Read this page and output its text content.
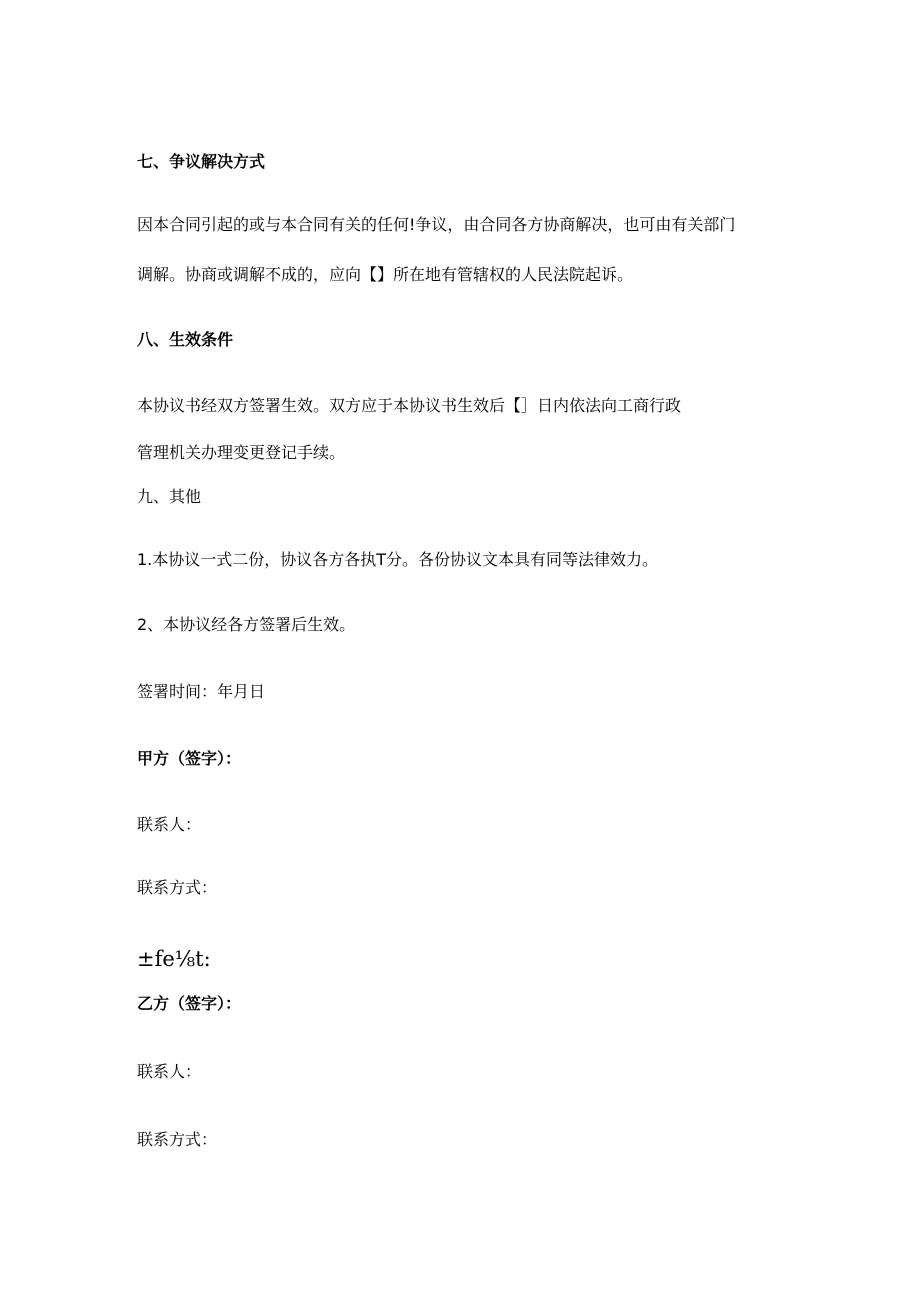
七、争议解决方式
因本合同引起的或与本合同有关的任何!争议，由合同各方协商解决，也可由有关部门
调解。协商或调解不成的，应向【】所在地有管辖权的人民法院起诉。
八、生效条件
本协议书经双方签署生效。双方应于本协议书生效后【］日内依法向工商行政
管理机关办理变更登记手续。
九、其他
1.本协议一式二份，协议各方各执T分。各份协议文本具有同等法律效力。
2、本协议经各方签署后生效。
签署时间：年月日
甲方（签字）：
联系人：
联系方式：
±fe⅛t:
乙方（签字）：
联系人：
联系方式：
